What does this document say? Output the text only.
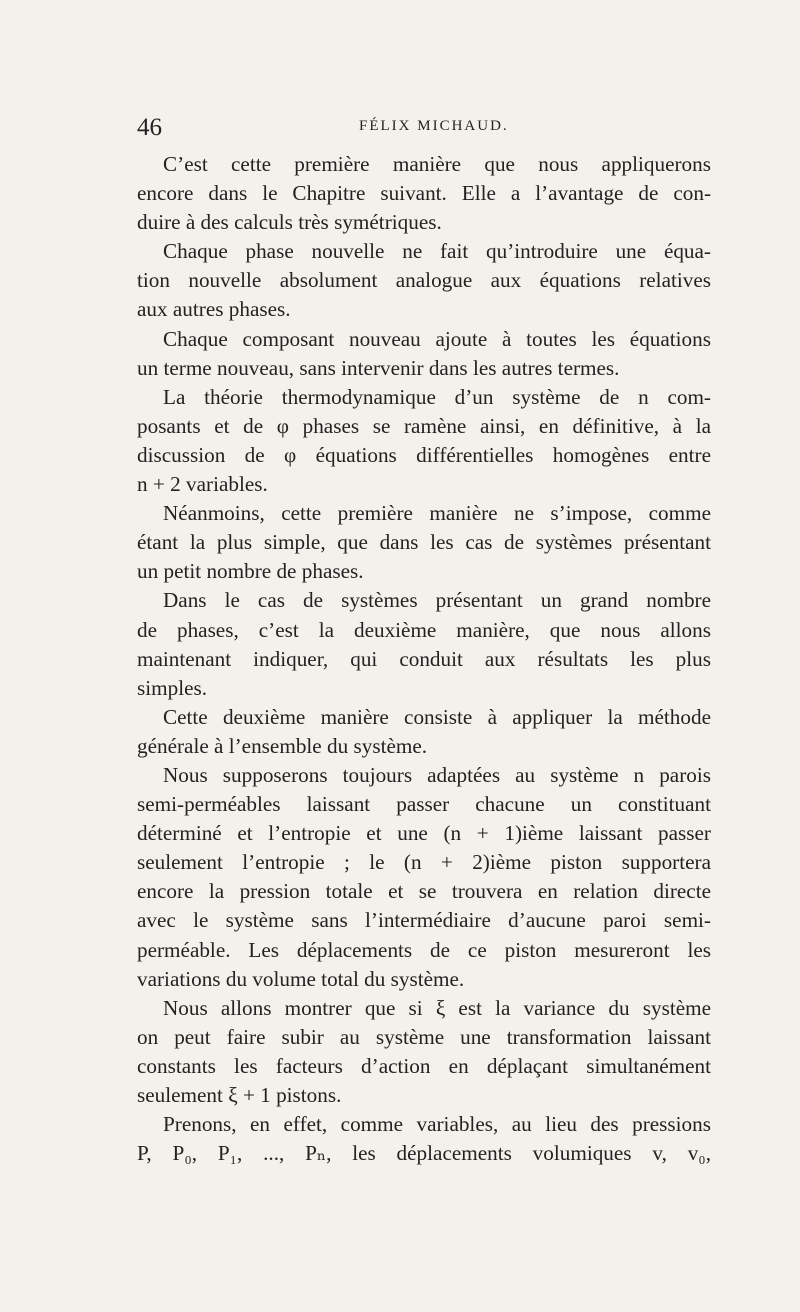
46	FÉLIX MICHAUD.
C’est cette première manière que nous appliquerons
encore dans le Chapitre suivant. Elle a l’avantage de con-
duire à des calculs très symétriques.
Chaque phase nouvelle ne fait qu’introduire une équa-
tion nouvelle absolument analogue aux équations relatives
aux autres phases.
Chaque composant nouveau ajoute à toutes les équations
un terme nouveau, sans intervenir dans les autres termes.
La théorie thermodynamique d’un système de n com-
posants et de φ phases se ramène ainsi, en définitive, à la
discussion de φ équations différentielles homogènes entre
n + 2 variables.
Néanmoins, cette première manière ne s’impose, comme
étant la plus simple, que dans les cas de systèmes présentant
un petit nombre de phases.
Dans le cas de systèmes présentant un grand nombre
de phases, c’est la deuxième manière, que nous allons
maintenant indiquer, qui conduit aux résultats les plus
simples.
Cette deuxième manière consiste à appliquer la méthode
générale à l’ensemble du système.
Nous supposerons toujours adaptées au système n parois
semi-perméables laissant passer chacune un constituant
déterminé et l’entropie et une (n + 1)ième laissant passer
seulement l’entropie ; le (n + 2)ième piston supportera
encore la pression totale et se trouvera en relation directe
avec le système sans l’intermédiaire d’aucune paroi semi-
perméable. Les déplacements de ce piston mesureront les
variations du volume total du système.
Nous allons montrer que si ξ est la variance du système
on peut faire subir au système une transformation laissant
constants les facteurs d’action en déplaçant simultanément
seulement ξ + 1 pistons.
Prenons, en effet, comme variables, au lieu des pressions
P, P₀, P₁, ..., Pₙ, les déplacements volumiques v, v₀,
